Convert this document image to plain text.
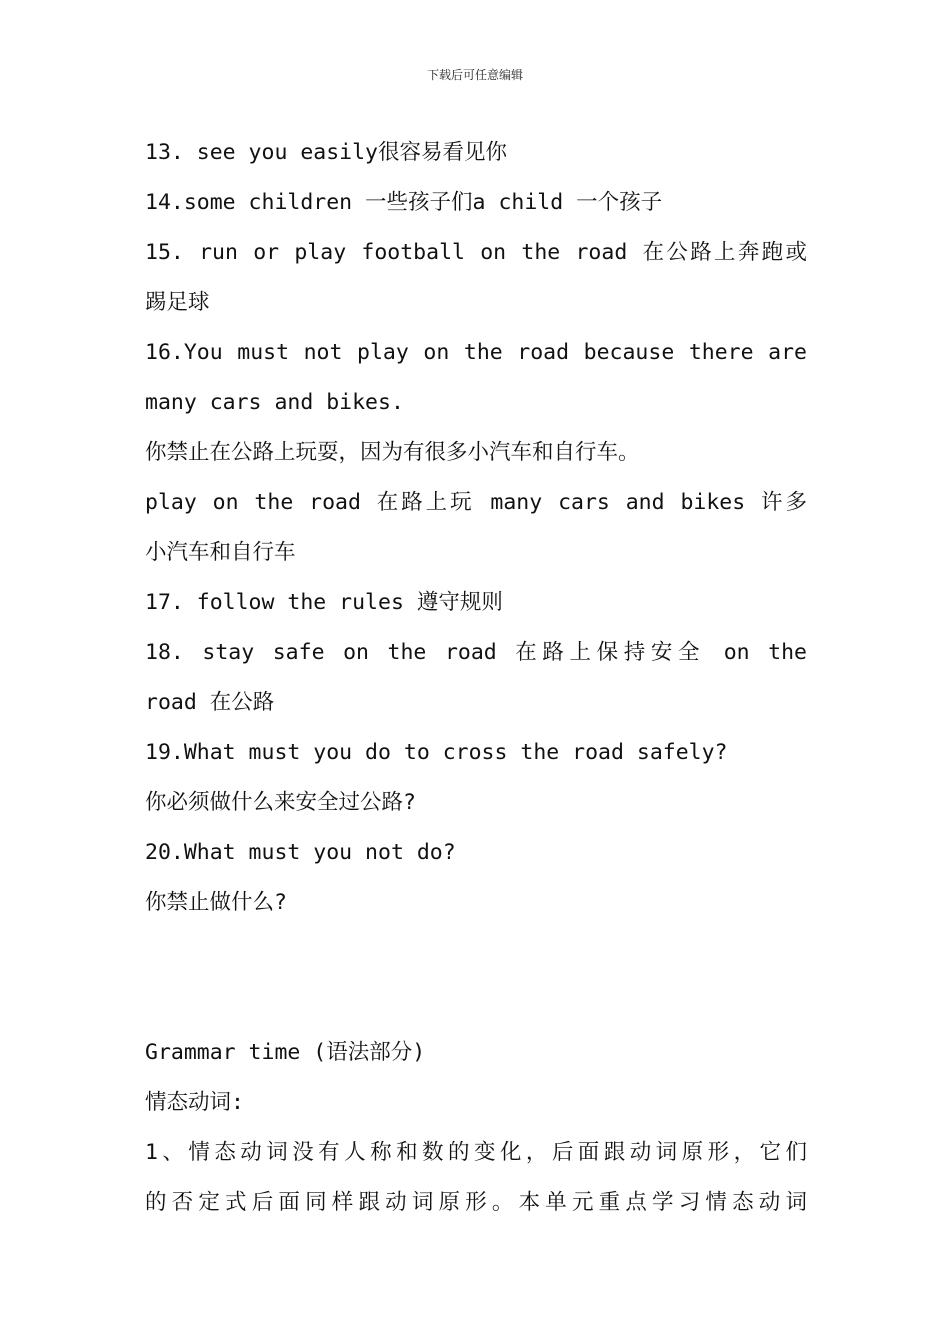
下载后可任意编辑
13. see you easily很容易看见你
14.some children 一些孩子们a child 一个孩子
15. run or play football on the road 在公路上奔跑或
踢足球
16.You must not play on the road because there are
many cars and bikes.
你禁止在公路上玩耍，因为有很多小汽车和自行车。
play on the road 在路上玩 many cars and bikes 许多
小汽车和自行车
17. follow the rules 遵守规则
18. stay safe on the road 在路上保持安全 on the
road 在公路
19.What must you do to cross the road safely?
你必须做什么来安全过公路?
20.What must you not do?
你禁止做什么?
Grammar time (语法部分)
情态动词:
1、情态动词没有人称和数的变化，后面跟动词原形，它们
的否定式后面同样跟动词原形。本单元重点学习情态动词
